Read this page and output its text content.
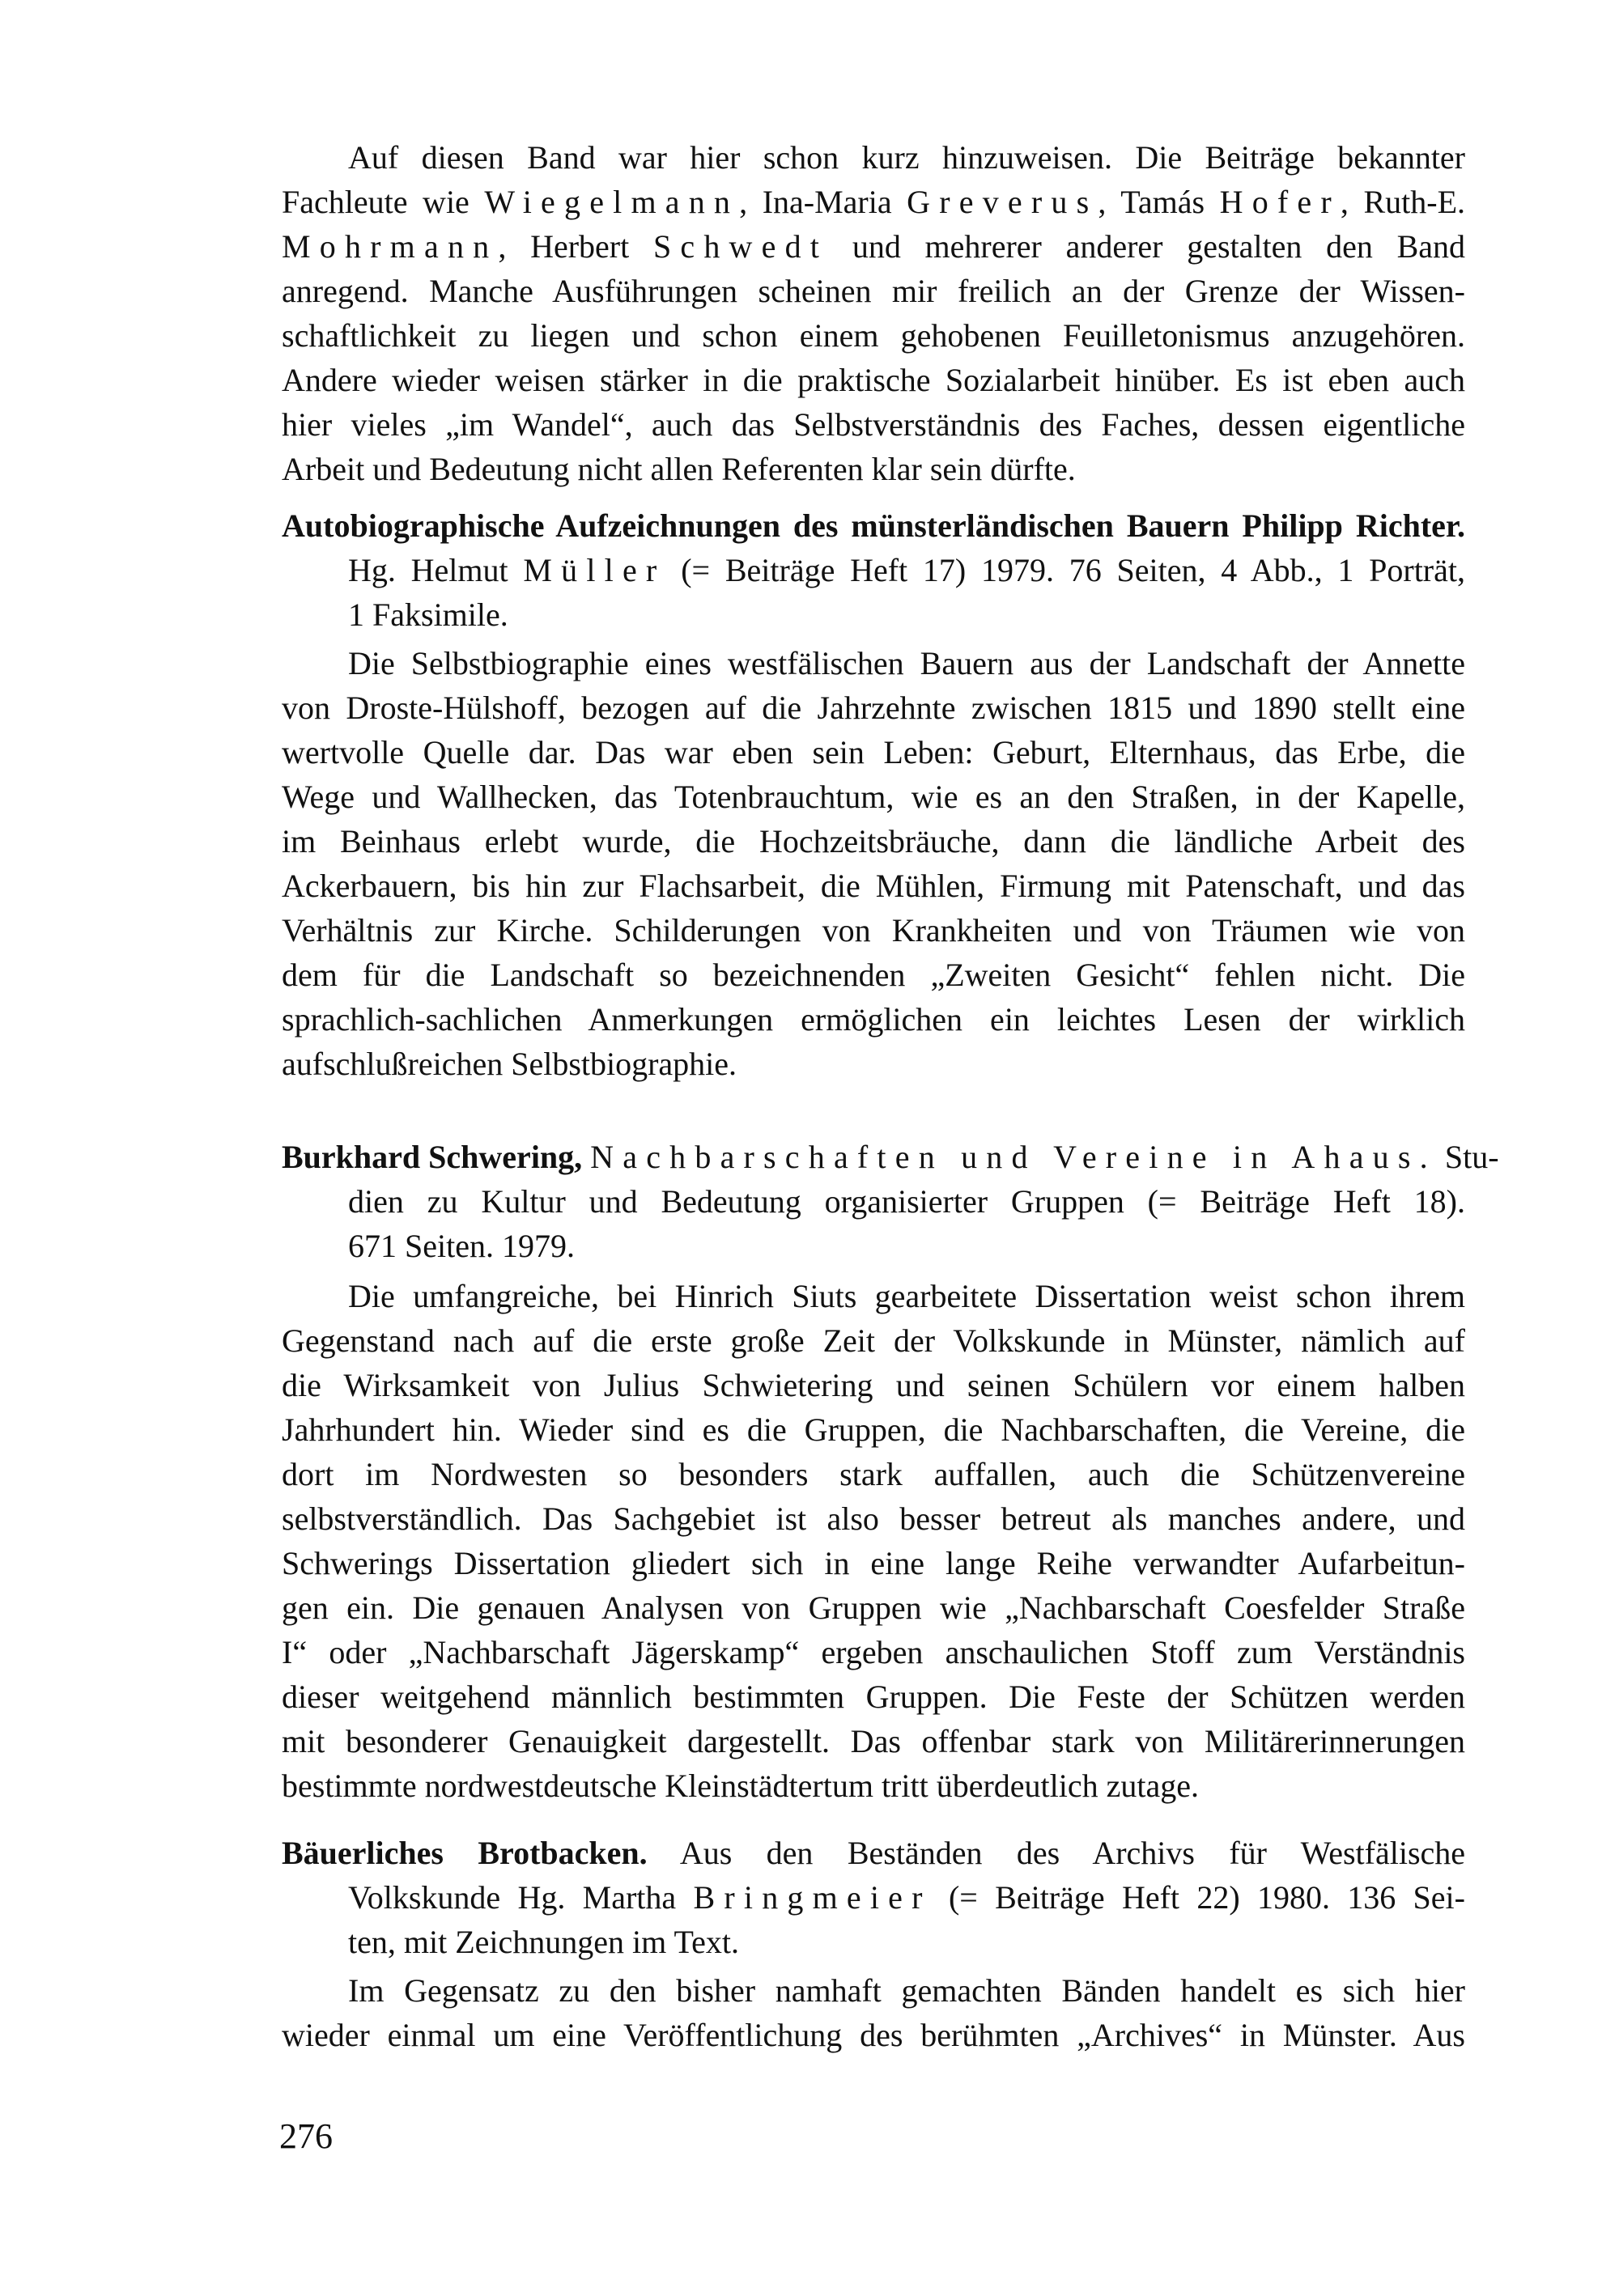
Auf diesen Band war hier schon kurz hinzuweisen. Die Beiträge bekannter
Fachleute wie Wiegelmann, Ina-Maria Greverus, Tamás Hofer, Ruth-E.
Mohrmann, Herbert Schwedt und mehrerer anderer gestalten den Band
anregend. Manche Ausführungen scheinen mir freilich an der Grenze der Wissen-
schaftlichkeit zu liegen und schon einem gehobenen Feuilletonismus anzugehören.
Andere wieder weisen stärker in die praktische Sozialarbeit hinüber. Es ist eben auch
hier vieles „im Wandel“, auch das Selbstverständnis des Faches, dessen eigentliche
Arbeit und Bedeutung nicht allen Referenten klar sein dürfte.
Autobiographische Aufzeichnungen des münsterländischen Bauern Philipp Richter.
Hg. Helmut Müller (= Beiträge Heft 17) 1979. 76 Seiten, 4 Abb., 1 Porträt,
1 Faksimile.
Die Selbstbiographie eines westfälischen Bauern aus der Landschaft der Annette
von Droste-Hülshoff, bezogen auf die Jahrzehnte zwischen 1815 und 1890 stellt eine
wertvolle Quelle dar. Das war eben sein Leben: Geburt, Elternhaus, das Erbe, die
Wege und Wallhecken, das Totenbrauchtum, wie es an den Straßen, in der Kapelle,
im Beinhaus erlebt wurde, die Hochzeitsbräuche, dann die ländliche Arbeit des
Ackerbauern, bis hin zur Flachsarbeit, die Mühlen, Firmung mit Patenschaft, und das
Verhältnis zur Kirche. Schilderungen von Krankheiten und von Träumen wie von
dem für die Landschaft so bezeichnenden „Zweiten Gesicht“ fehlen nicht. Die
sprachlich-sachlichen Anmerkungen ermöglichen ein leichtes Lesen der wirklich
aufschlußreichen Selbstbiographie.
Burkhard Schwering, Nachbarschaften und Vereine in Ahaus. Stu-
dien zu Kultur und Bedeutung organisierter Gruppen (= Beiträge Heft 18).
671 Seiten. 1979.
Die umfangreiche, bei Hinrich Siuts gearbeitete Dissertation weist schon ihrem
Gegenstand nach auf die erste große Zeit der Volkskunde in Münster, nämlich auf
die Wirksamkeit von Julius Schwietering und seinen Schülern vor einem halben
Jahrhundert hin. Wieder sind es die Gruppen, die Nachbarschaften, die Vereine, die
dort im Nordwesten so besonders stark auffallen, auch die Schützenvereine
selbstverständlich. Das Sachgebiet ist also besser betreut als manches andere, und
Schwerings Dissertation gliedert sich in eine lange Reihe verwandter Aufarbeitun-
gen ein. Die genauen Analysen von Gruppen wie „Nachbarschaft Coesfelder Straße
I“ oder „Nachbarschaft Jägerskamp“ ergeben anschaulichen Stoff zum Verständnis
dieser weitgehend männlich bestimmten Gruppen. Die Feste der Schützen werden
mit besonderer Genauigkeit dargestellt. Das offenbar stark von Militärerinnerungen
bestimmte nordwestdeutsche Kleinstädtertum tritt überdeutlich zutage.
Bäuerliches Brotbacken. Aus den Beständen des Archivs für Westfälische
Volkskunde Hg. Martha Bringmeier (= Beiträge Heft 22) 1980. 136 Sei-
ten, mit Zeichnungen im Text.
Im Gegensatz zu den bisher namhaft gemachten Bänden handelt es sich hier
wieder einmal um eine Veröffentlichung des berühmten „Archives“ in Münster. Aus
276
